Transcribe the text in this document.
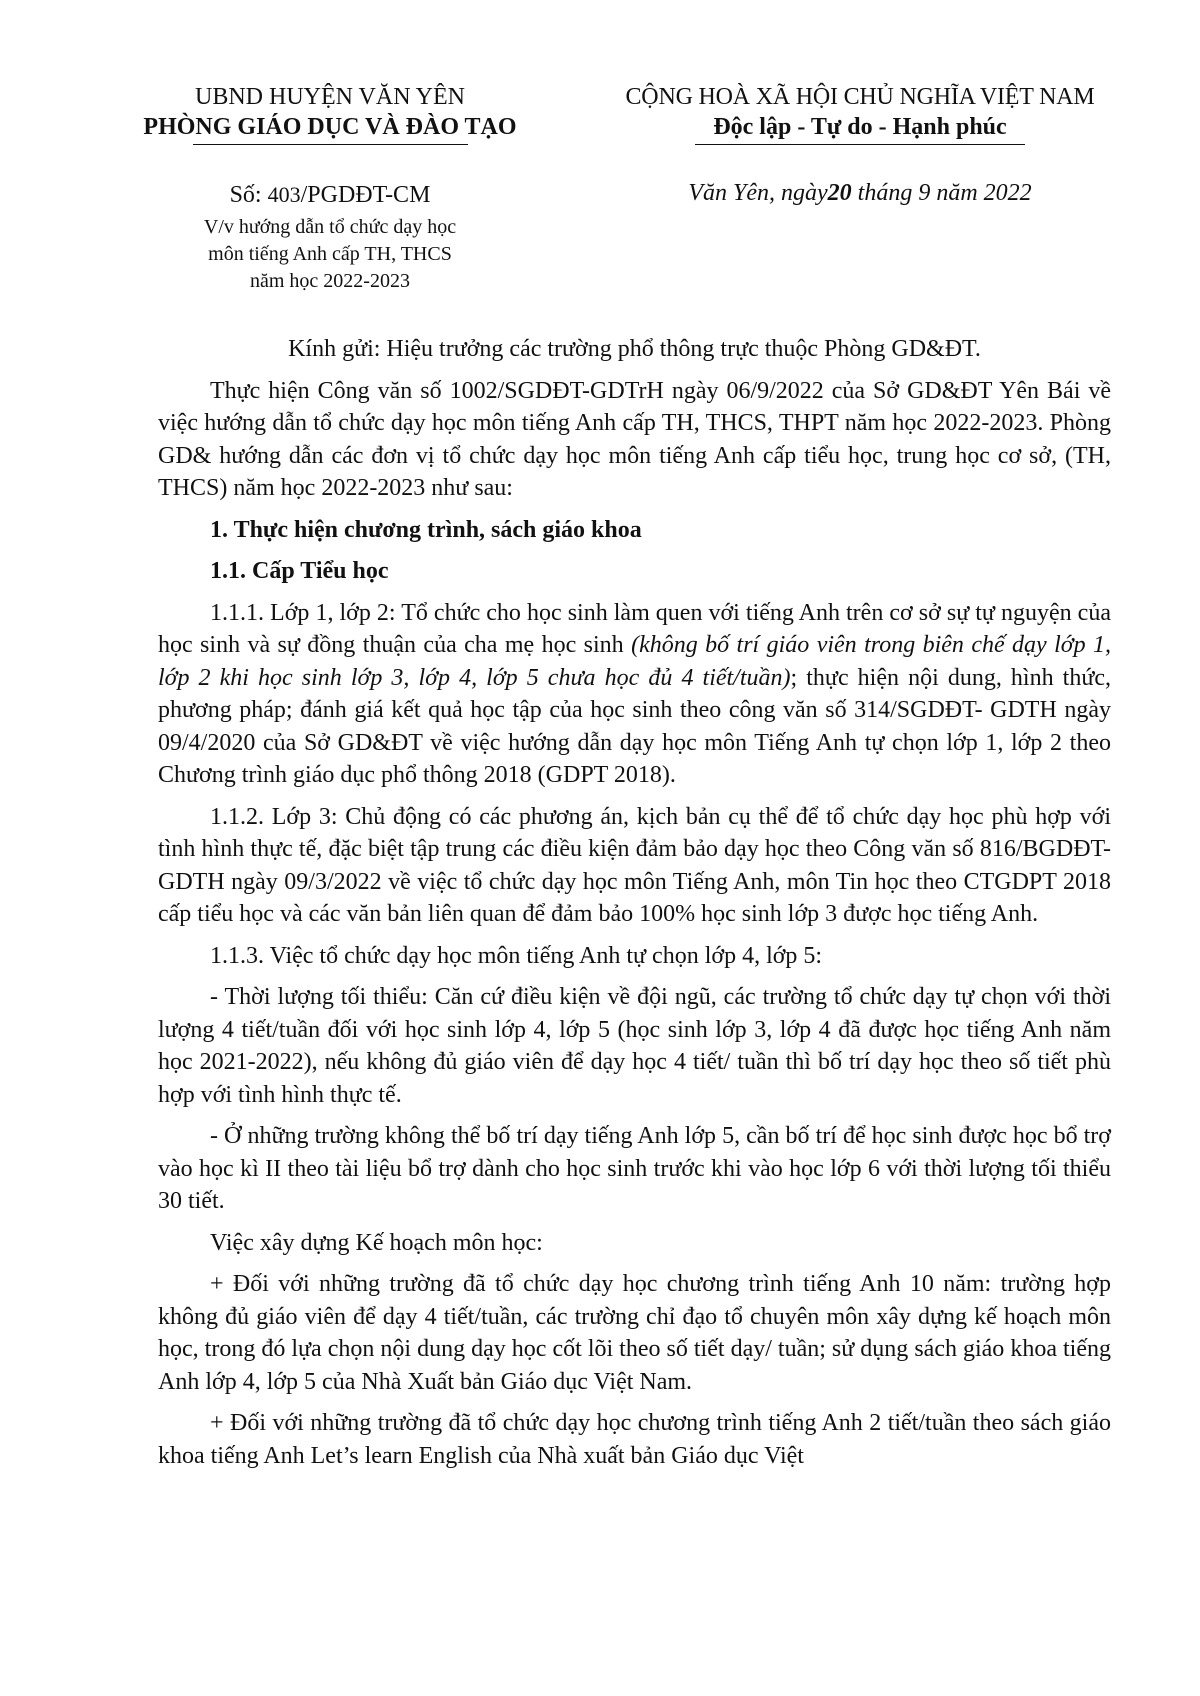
UBND HUYỆN VĂN YÊN
PHÒNG GIÁO DỤC VÀ ĐÀO TẠO
CỘNG HOÀ XÃ HỘI CHỦ NGHĨA VIỆT NAM
Độc lập - Tự do - Hạnh phúc
Số: 403/PGDĐT-CM
V/v hướng dẫn tổ chức dạy học
môn tiếng Anh cấp TH, THCS
năm học 2022-2023
Văn Yên, ngày20 tháng 9 năm 2022

Kính gửi: Hiệu trưởng các trường phổ thông trực thuộc Phòng GD&ĐT.

Thực hiện Công văn số 1002/SGDĐT-GDTrH ngày 06/9/2022 của Sở GD&ĐT Yên Bái về việc hướng dẫn tổ chức dạy học môn tiếng Anh cấp TH, THCS, THPT năm học 2022-2023. Phòng GD& hướng dẫn các đơn vị tổ chức dạy học môn tiếng Anh cấp tiểu học, trung học cơ sở, (TH, THCS) năm học 2022-2023 như sau:

1. Thực hiện chương trình, sách giáo khoa

1.1. Cấp Tiểu học

1.1.1. Lớp 1, lớp 2: Tổ chức cho học sinh làm quen với tiếng Anh trên cơ sở sự tự nguyện của học sinh và sự đồng thuận của cha mẹ học sinh (không bố trí giáo viên trong biên chế dạy lớp 1, lớp 2 khi học sinh lớp 3, lớp 4, lớp 5 chưa học đủ 4 tiết/tuần); thực hiện nội dung, hình thức, phương pháp; đánh giá kết quả học tập của học sinh theo công văn số 314/SGDĐT- GDTH ngày 09/4/2020 của Sở GD&ĐT về việc hướng dẫn dạy học môn Tiếng Anh tự chọn lớp 1, lớp 2 theo Chương trình giáo dục phổ thông 2018 (GDPT 2018).

1.1.2. Lớp 3: Chủ động có các phương án, kịch bản cụ thể để tổ chức dạy học phù hợp với tình hình thực tế, đặc biệt tập trung các điều kiện đảm bảo dạy học theo Công văn số 816/BGDĐT-GDTH ngày 09/3/2022 về việc tổ chức dạy học môn Tiếng Anh, môn Tin học theo CTGDPT 2018 cấp tiểu học và các văn bản liên quan để đảm bảo 100% học sinh lớp 3 được học tiếng Anh.

1.1.3. Việc tổ chức dạy học môn tiếng Anh tự chọn lớp 4, lớp 5:

- Thời lượng tối thiểu: Căn cứ điều kiện về đội ngũ, các trường tổ chức dạy tự chọn với thời lượng 4 tiết/tuần đối với học sinh lớp 4, lớp 5 (học sinh lớp 3, lớp 4 đã được học tiếng Anh năm học 2021-2022), nếu không đủ giáo viên để dạy học 4 tiết/ tuần thì bố trí dạy học theo số tiết phù hợp với tình hình thực tế.

- Ở những trường không thể bố trí dạy tiếng Anh lớp 5, cần bố trí để học sinh được học bổ trợ vào học kì II theo tài liệu bổ trợ dành cho học sinh trước khi vào học lớp 6 với thời lượng tối thiểu 30 tiết.

Việc xây dựng Kế hoạch môn học:

+ Đối với những trường đã tổ chức dạy học chương trình tiếng Anh 10 năm: trường hợp không đủ giáo viên để dạy 4 tiết/tuần, các trường chỉ đạo tổ chuyên môn xây dựng kế hoạch môn học, trong đó lựa chọn nội dung dạy học cốt lõi theo số tiết dạy/ tuần; sử dụng sách giáo khoa tiếng Anh lớp 4, lớp 5 của Nhà Xuất bản Giáo dục Việt Nam.

+ Đối với những trường đã tổ chức dạy học chương trình tiếng Anh 2 tiết/tuần theo sách giáo khoa tiếng Anh Let’s learn English của Nhà xuất bản Giáo dục Việt
